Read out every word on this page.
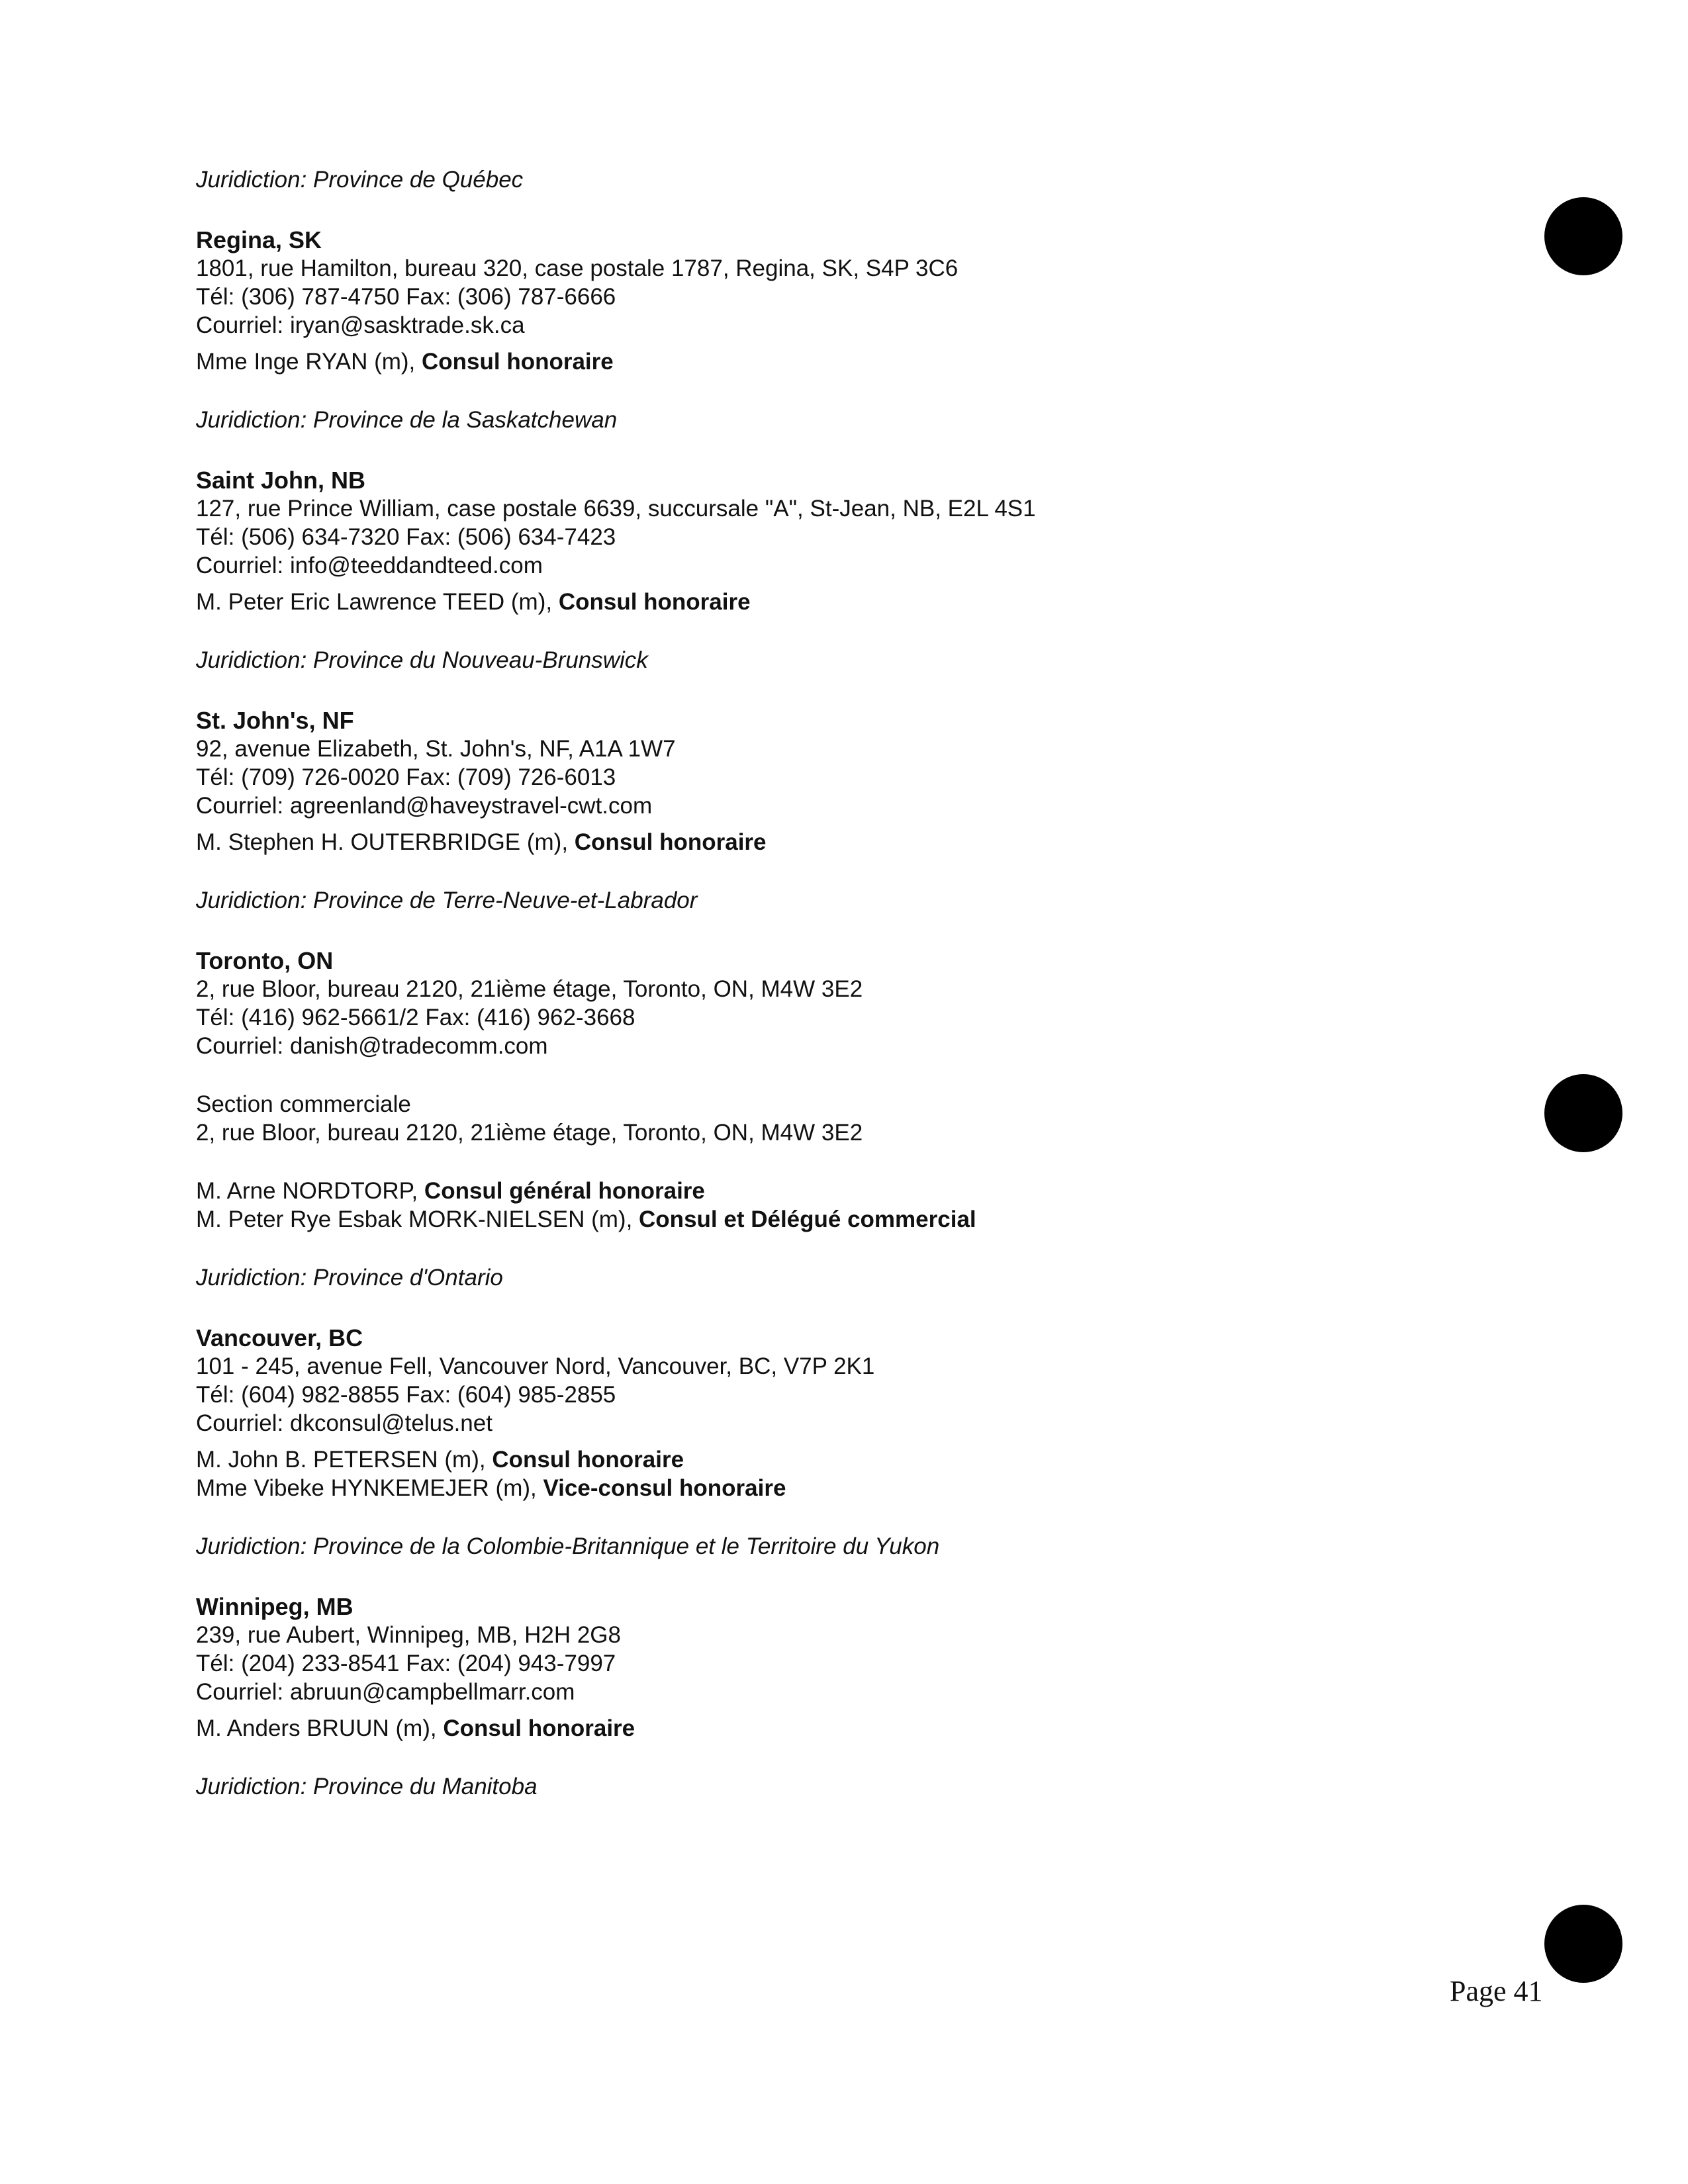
Juridiction: Province de Québec
Regina, SK
1801, rue Hamilton, bureau 320, case postale 1787, Regina, SK, S4P 3C6
Tél: (306) 787-4750 Fax: (306) 787-6666
Courriel: iryan@sasktrade.sk.ca
Mme Inge RYAN (m), Consul honoraire
Juridiction: Province de la Saskatchewan
Saint John, NB
127, rue Prince William, case postale 6639, succursale "A", St-Jean, NB, E2L 4S1
Tél: (506) 634-7320 Fax: (506) 634-7423
Courriel: info@teeddandteed.com
M. Peter Eric Lawrence TEED (m), Consul honoraire
Juridiction: Province du Nouveau-Brunswick
St. John's, NF
92, avenue Elizabeth, St. John's, NF, A1A 1W7
Tél: (709) 726-0020 Fax: (709) 726-6013
Courriel: agreenland@haveystravel-cwt.com
M. Stephen H. OUTERBRIDGE (m), Consul honoraire
Juridiction: Province de Terre-Neuve-et-Labrador
Toronto, ON
2, rue Bloor, bureau 2120, 21ième étage, Toronto, ON, M4W 3E2
Tél: (416) 962-5661/2 Fax: (416) 962-3668
Courriel: danish@tradecomm.com
Section commerciale
2, rue Bloor, bureau 2120, 21ième étage, Toronto, ON, M4W 3E2
M. Arne NORDTORP, Consul général honoraire
M. Peter Rye Esbak MORK-NIELSEN (m), Consul et Délégué commercial
Juridiction: Province d'Ontario
Vancouver, BC
101 - 245, avenue Fell, Vancouver Nord, Vancouver, BC, V7P 2K1
Tél: (604) 982-8855 Fax: (604) 985-2855
Courriel: dkconsul@telus.net
M. John B. PETERSEN (m), Consul honoraire
Mme Vibeke HYNKEMEJER (m), Vice-consul honoraire
Juridiction: Province de la Colombie-Britannique et le Territoire du Yukon
Winnipeg, MB
239, rue Aubert, Winnipeg, MB, H2H 2G8
Tél: (204) 233-8541 Fax: (204) 943-7997
Courriel: abruun@campbellmarr.com
M. Anders BRUUN (m), Consul honoraire
Juridiction: Province du Manitoba
Page 41
